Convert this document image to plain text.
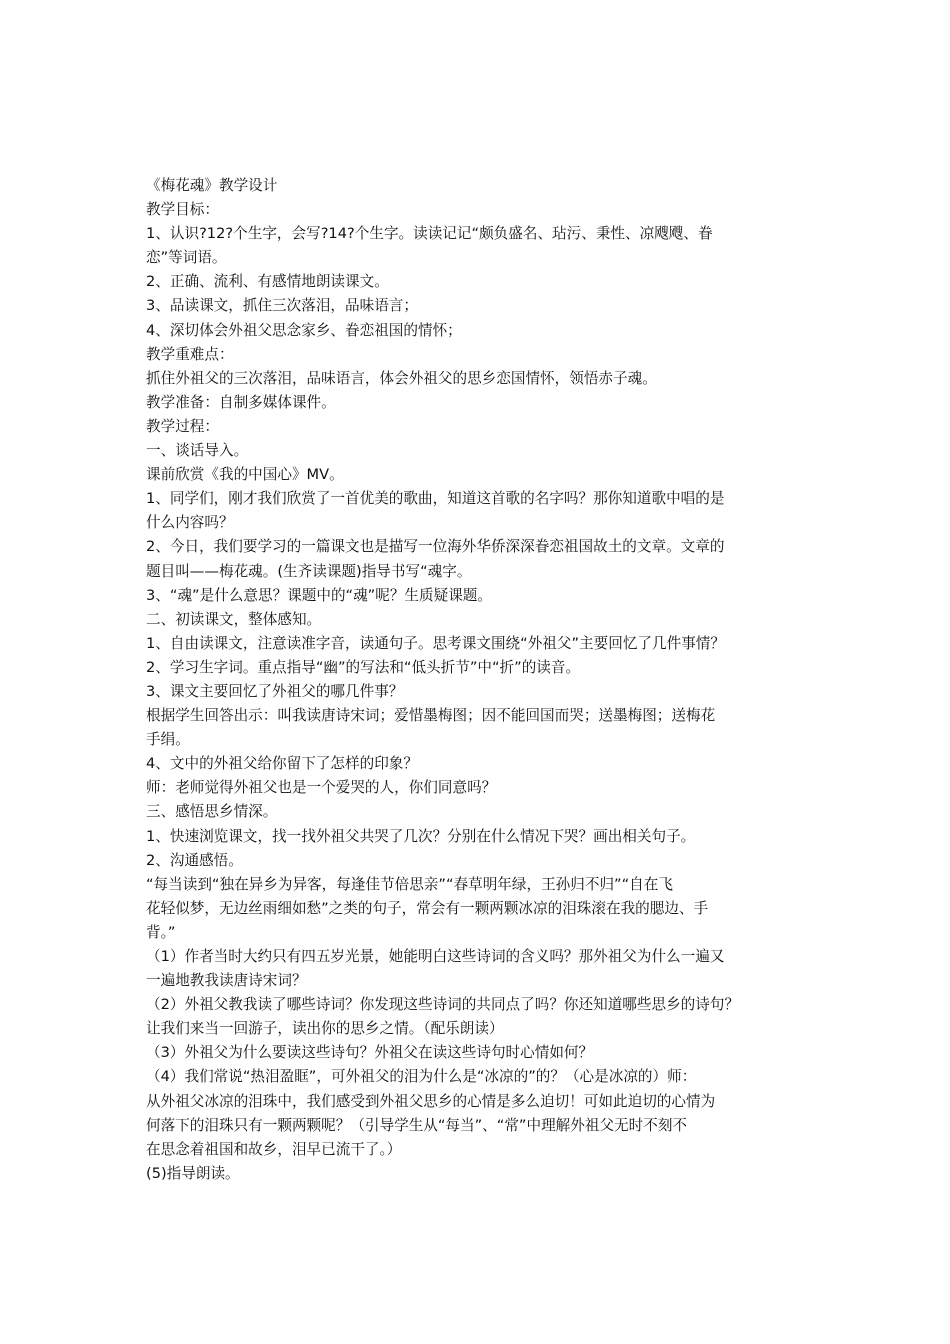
《梅花魂》教学设计
教学目标：
1、认识?12?个生字，会写?14?个生字。读读记记“颇负盛名、玷污、秉性、凉飕飕、眷
恋”等词语。
2、正确、流利、有感情地朗读课文。
3、品读课文，抓住三次落泪，品味语言；
4、深切体会外祖父思念家乡、眷恋祖国的情怀；
教学重难点：
抓住外祖父的三次落泪，品味语言，体会外祖父的思乡恋国情怀，领悟赤子魂。
教学准备：自制多媒体课件。
教学过程：
一、谈话导入。
课前欣赏《我的中国心》MV。
1、同学们，刚才我们欣赏了一首优美的歌曲，知道这首歌的名字吗？那你知道歌中唱的是
什么内容吗？
2、今日，我们要学习的一篇课文也是描写一位海外华侨深深眷恋祖国故土的文章。文章的
题目叫——梅花魂。(生齐读课题)指导书写“魂字。
3、“魂”是什么意思？课题中的“魂”呢？生质疑课题。
二、初读课文，整体感知。
1、自由读课文，注意读准字音，读通句子。思考课文围绕“外祖父”主要回忆了几件事情？
2、学习生字词。重点指导“幽”的写法和“低头折节”中“折”的读音。
3、课文主要回忆了外祖父的哪几件事？
根据学生回答出示：叫我读唐诗宋词；爱惜墨梅图；因不能回国而哭；送墨梅图；送梅花
手绢。
4、文中的外祖父给你留下了怎样的印象？
师：老师觉得外祖父也是一个爱哭的人，你们同意吗？
三、感悟思乡情深。
1、快速浏览课文，找一找外祖父共哭了几次？分别在什么情况下哭？画出相关句子。
2、沟通感悟。
“每当读到“独在异乡为异客，每逢佳节倍思亲”“春草明年绿，王孙归不归”“自在飞
花轻似梦，无边丝雨细如愁”之类的句子，常会有一颗两颗冰凉的泪珠滚在我的腮边、手
背。”
（1）作者当时大约只有四五岁光景，她能明白这些诗词的含义吗？那外祖父为什么一遍又
一遍地教我读唐诗宋词？
（2）外祖父教我读了哪些诗词？你发现这些诗词的共同点了吗？你还知道哪些思乡的诗句？
让我们来当一回游子，读出你的思乡之情。（配乐朗读）
（3）外祖父为什么要读这些诗句？外祖父在读这些诗句时心情如何？
（4）我们常说“热泪盈眶”，可外祖父的泪为什么是“冰凉的”的？（心是冰凉的）师：
从外祖父冰凉的泪珠中，我们感受到外祖父思乡的心情是多么迫切！可如此迫切的心情为
何落下的泪珠只有一颗两颗呢？（引导学生从“每当”、“常”中理解外祖父无时不刻不
在思念着祖国和故乡，泪早已流干了。）
(5)指导朗读。
